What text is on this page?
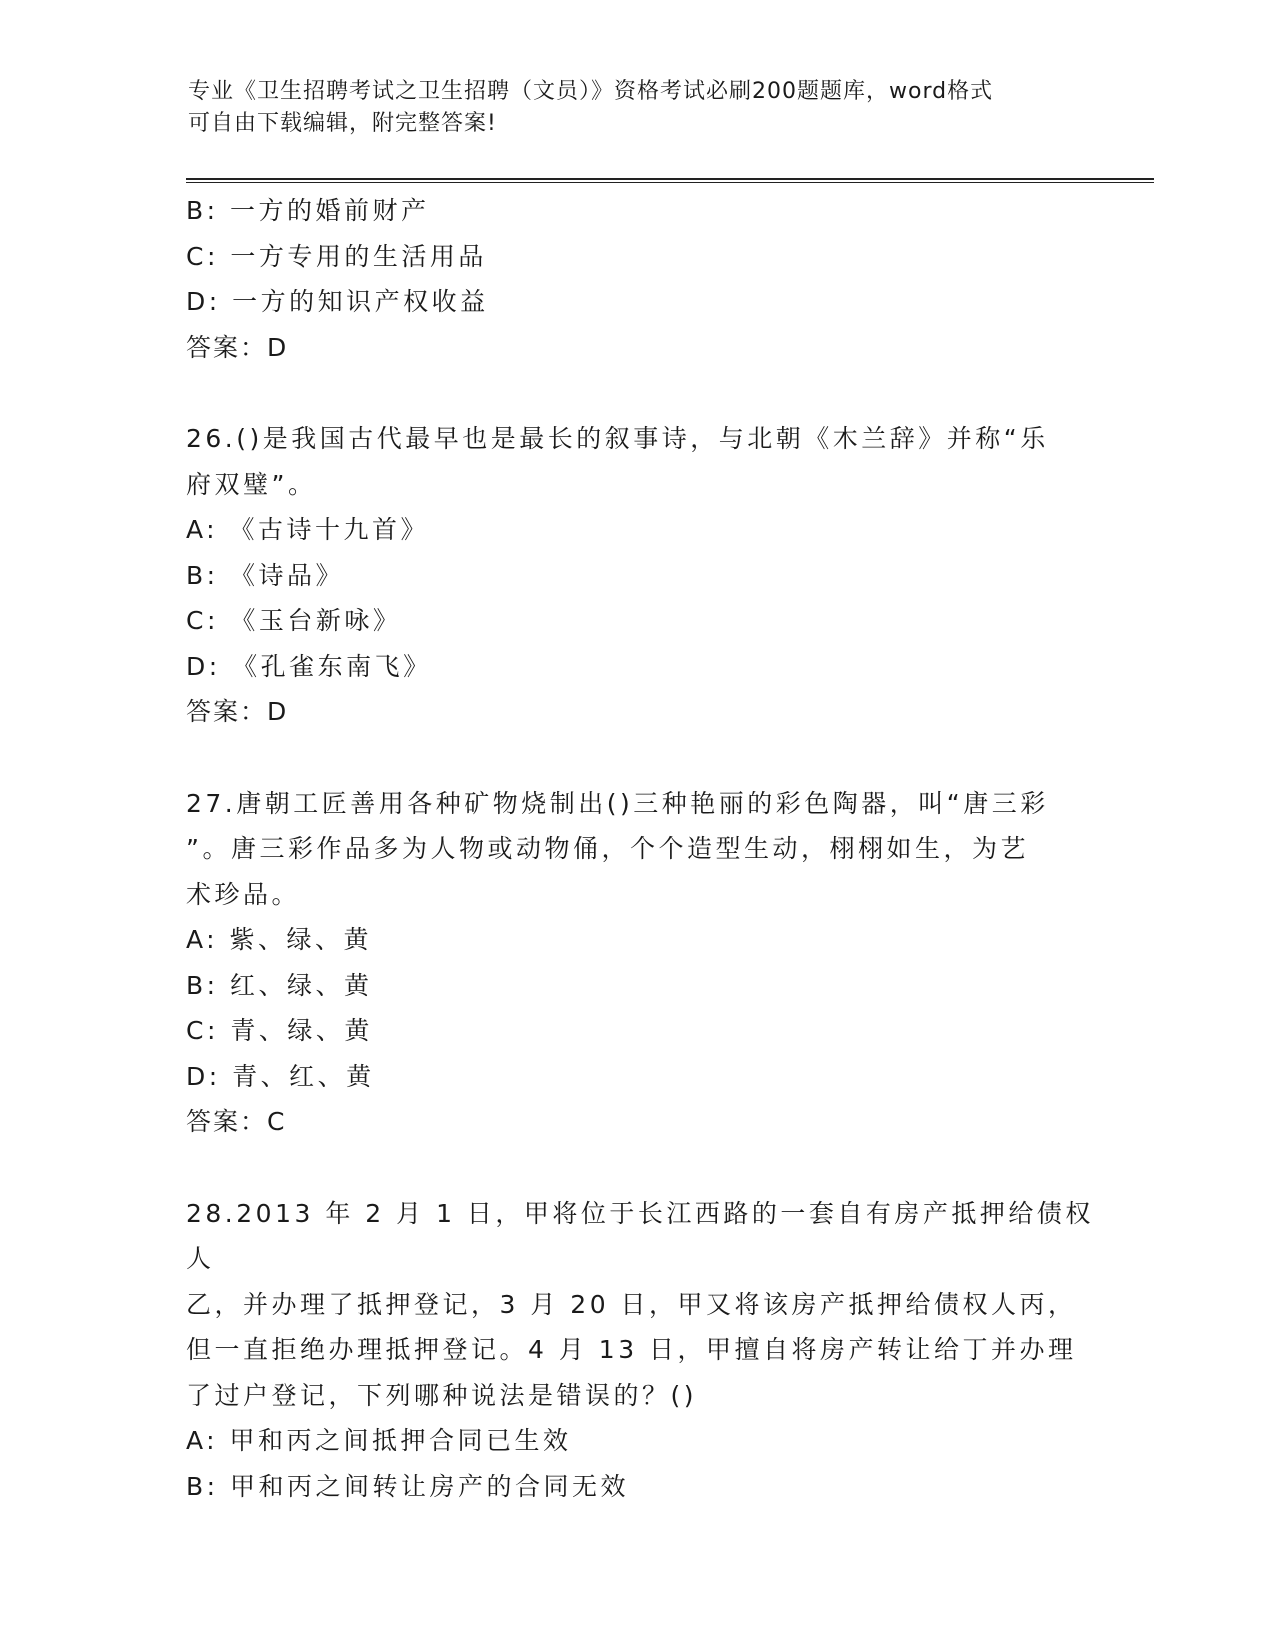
专业《卫生招聘考试之卫生招聘（文员）》资格考试必刷200题题库，word格式
可自由下载编辑，附完整答案!

B: 一方的婚前财产

C: 一方专用的生活用品

D: 一方的知识产权收益

答案：D

26.()是我国古代最早也是最长的叙事诗，与北朝《木兰辞》并称“乐

府双璧”。

A: 《古诗十九首》

B: 《诗品》

C: 《玉台新咏》

D: 《孔雀东南飞》

答案：D

27.唐朝工匠善用各种矿物烧制出()三种艳丽的彩色陶器，叫“唐三彩

”。唐三彩作品多为人物或动物俑，个个造型生动，栩栩如生，为艺

术珍品。

A: 紫、绿、黄

B: 红、绿、黄

C: 青、绿、黄

D: 青、红、黄

答案：C

28.2013 年 2 月 1 日，甲将位于长江西路的一套自有房产抵押给债权人

乙，并办理了抵押登记，3 月 20 日，甲又将该房产抵押给债权人丙，

但一直拒绝办理抵押登记。4 月 13 日，甲擅自将房产转让给丁并办理

了过户登记，下列哪种说法是错误的？()

A: 甲和丙之间抵押合同已生效

B: 甲和丙之间转让房产的合同无效
